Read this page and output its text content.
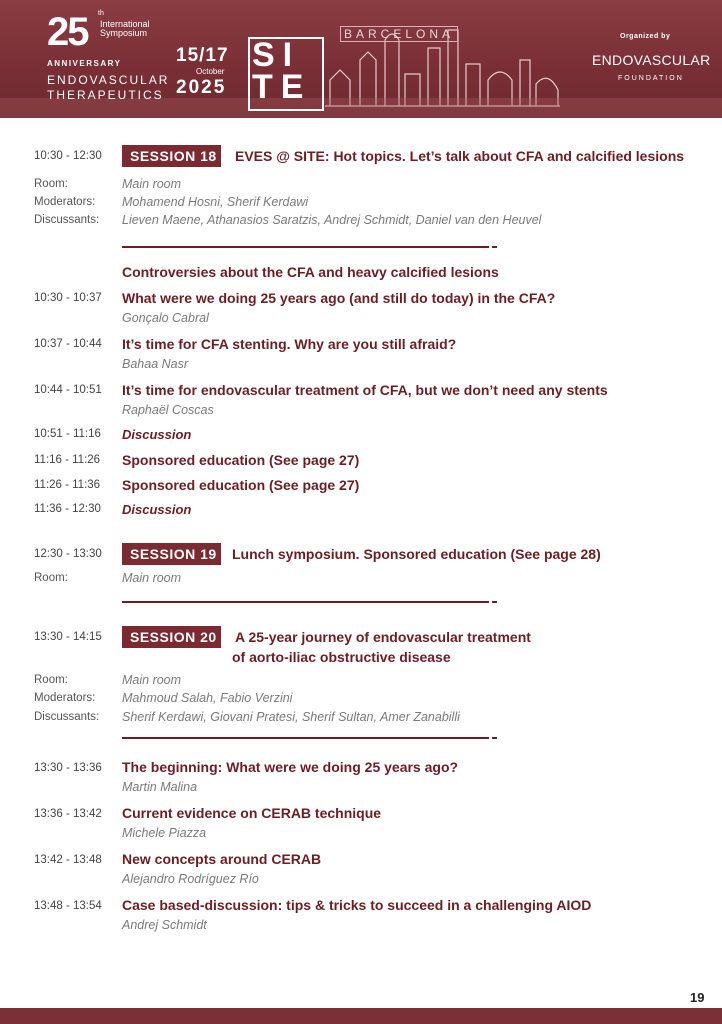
25 th
International
Symposium
ANNIVERSARY
ENDOVASCULAR
THERAPEUTICS
15/17
October
2025
SI
TE
BARCELONA	Organized by
ENDOVASCULAR
FOUNDATION
10:30 - 12:30	SESSION 18	EVES @ SITE: Hot topics. Let’s talk about CFA and calcified lesions
Room:	Main room
Moderators: Mohamend Hosni, Sherif Kerdawi
Discussants: Lieven Maene, Athanasios Saratzis, Andrej Schmidt, Daniel van den Heuvel
Controversies about the CFA and heavy calcified lesions
10:30 - 10:37 What were we doing 25 years ago (and still do today) in the CFA?
Gonçalo Cabral
10:37 - 10:44 It’s time for CFA stenting. Why are you still afraid?
Bahaa Nasr
10:44 - 10:51 It’s time for endovascular treatment of CFA, but we don’t need any stents
Raphaël Coscas
10:51 - 11:16 Discussion
11:16 - 11:26 Sponsored education (See page 27)
11:26 - 11:36 Sponsored education (See page 27)
11:36 - 12:30 Discussion
12:30 - 13:30	SESSION 19	Lunch symposium. Sponsored education (See page 28)
Room:	Main room
13:30 - 14:15	SESSION 20	A 25-year journey of endovascular treatment
of aorto-iliac obstructive disease
Room:	Main room
Moderators: Mahmoud Salah, Fabio Verzini
Discussants: Sherif Kerdawi, Giovani Pratesi, Sherif Sultan, Amer Zanabilli
13:30 - 13:36 The beginning: What were we doing 25 years ago?
Martin Malina
13:36 - 13:42 Current evidence on CERAB technique
Michele Piazza
13:42 - 13:48 New concepts around CERAB
Alejandro Rodríguez Río
13:48 - 13:54 Case based-discussion: tips & tricks to succeed in a challenging AIOD
Andrej Schmidt
19
